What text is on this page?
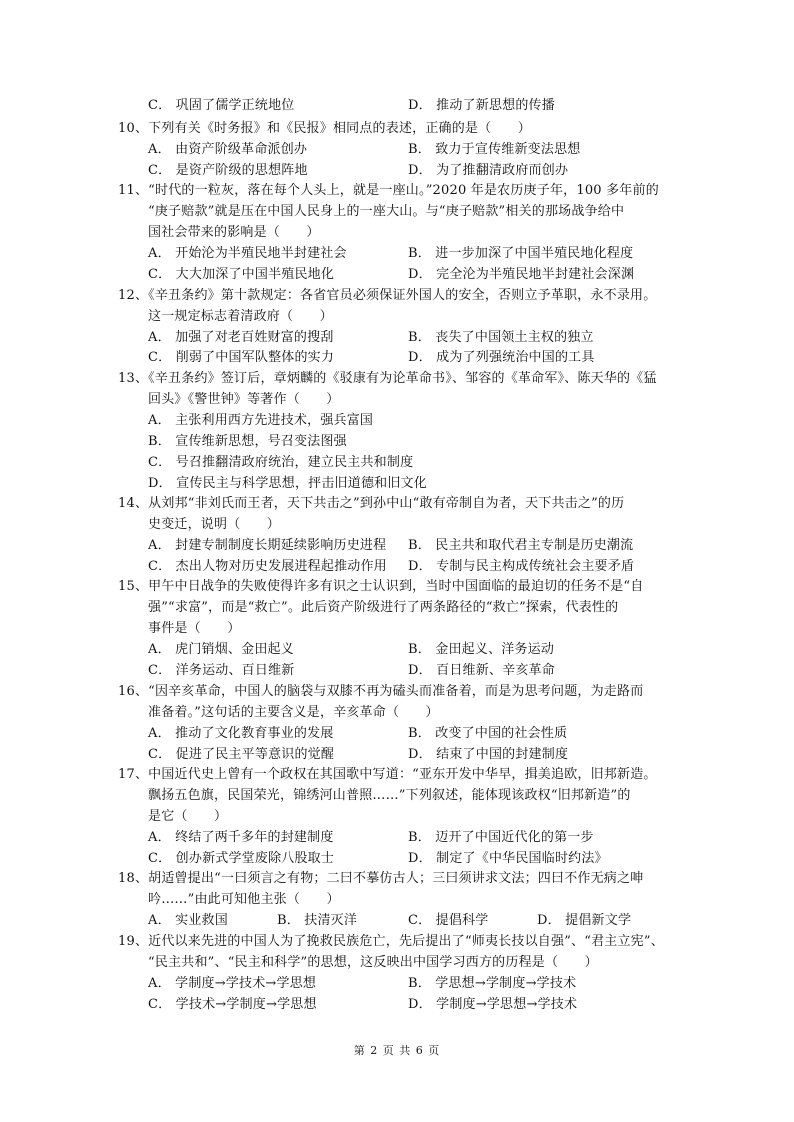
C． 巩固了儒学正统地位	D． 推动了新思想的传播
10、下列有关《时务报》和《民报》相同点的表述，正确的是（　　）
A． 由资产阶级革命派创办	B． 致力于宣传维新变法思想
C． 是资产阶级的思想阵地	D． 为了推翻清政府而创办
11、“时代的一粒灰，落在每个人头上，就是一座山。”2020 年是农历庚子年，100 多年前的
“庚子赔款”就是压在中国人民身上的一座大山。与“庚子赔款”相关的那场战争给中
国社会带来的影响是（　　）
A． 开始沦为半殖民地半封建社会	B． 进一步加深了中国半殖民地化程度
C． 大大加深了中国半殖民地化	D． 完全沦为半殖民地半封建社会深渊
12、《辛丑条约》第十款规定：各省官员必须保证外国人的安全，否则立予革职，永不录用。
这一规定标志着清政府（　　）
A． 加强了对老百姓财富的搜刮	B． 丧失了中国领土主权的独立
C． 削弱了中国军队整体的实力	D． 成为了列强统治中国的工具
13、《辛丑条约》签订后，章炳麟的《驳康有为论革命书》、邹容的《革命军》、陈天华的《猛
回头》《警世钟》等著作（　　）
A． 主张利用西方先进技术，强兵富国
B． 宣传维新思想，号召变法图强
C． 号召推翻清政府统治，建立民主共和制度
D． 宣传民主与科学思想，抨击旧道德和旧文化
14、从刘邦“非刘氏而王者，天下共击之”到孙中山“敢有帝制自为者，天下共击之”的历
史变迁，说明（　　）
A． 封建专制制度长期延续影响历史进程 B． 民主共和取代君主专制是历史潮流
C． 杰出人物对历史发展进程起推动作用 D． 专制与民主构成传统社会主要矛盾
15、甲午中日战争的失败使得许多有识之士认识到，当时中国面临的最迫切的任务不是“自
强”“求富”，而是“救亡”。此后资产阶级进行了两条路径的“救亡”探索，代表性的
事件是（　　）
A． 虎门销烟、金田起义	B． 金田起义、洋务运动
C． 洋务运动、百日维新	D． 百日维新、辛亥革命
16、“因辛亥革命，中国人的脑袋与双膝不再为磕头而准备着，而是为思考问题，为走路而
准备着。”这句话的主要含义是，辛亥革命（　　）
A． 推动了文化教育事业的发展	B． 改变了中国的社会性质
C． 促进了民主平等意识的觉醒	D． 结束了中国的封建制度
17、中国近代史上曾有一个政权在其国歌中写道：“亚东开发中华早，揖美追欧，旧邦新造。
飘扬五色旗，民国荣光，锦绣河山普照……”下列叙述，能体现该政权“旧邦新造”的
是它（　　）
A． 终结了两千多年的封建制度	B． 迈开了中国近代化的第一步
C． 创办新式学堂废除八股取士	D． 制定了《中华民国临时约法》
18、胡适曾提出“一曰须言之有物；二曰不摹仿古人；三曰须讲求文法；四曰不作无病之呻
吟……”由此可知他主张（　　）
A． 实业救国	B． 扶清灭洋	C． 提倡科学	D． 提倡新文学
19、近代以来先进的中国人为了挽救民族危亡，先后提出了“师夷长技以自强”、“君主立宪”、
“民主共和”、“民主和科学”的思想，这反映出中国学习西方的历程是（　　）
A． 学制度→学技术→学思想	B． 学思想→学制度→学技术
C． 学技术→学制度→学思想	D． 学制度→学思想→学技术
第 2 页 共 6 页
